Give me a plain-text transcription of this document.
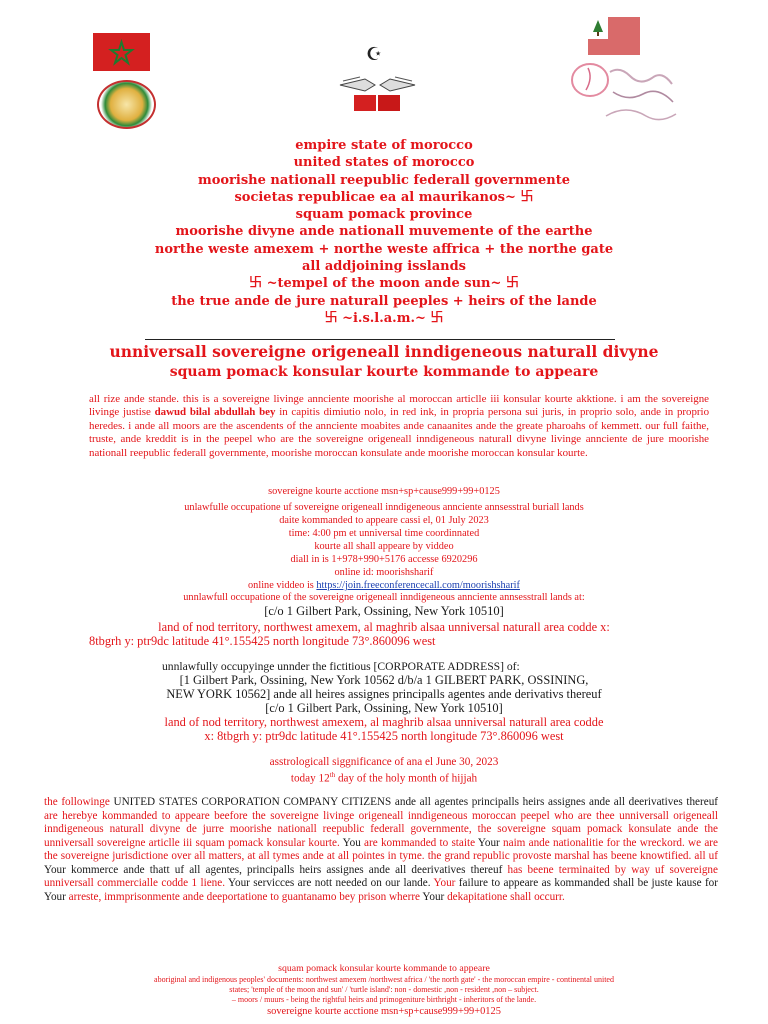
☪
empire state of morocco
united states of morocco
moorishe nationall reepublic federall governmente
societas republicae ea al maurikanos~ ࿕
squam pomack province
moorishe divyne ande nationall muvemente of the earthe
northe weste amexem + northe weste affrica + the northe gate
all addjoining isslands
࿕ ~tempel of the moon ande sun~ ࿕
the true ande de jure naturall peeples + heirs of the lande
࿕ ~i.s.l.a.m.~ ࿕
unniversall sovereigne origeneall inndigeneous naturall divyne
squam pomack konsular kourte kommande to appeare
all rize ande stande. this is a sovereigne livinge annciente moorishe al moroccan articlle iii konsular kourte akktione. i am the sovereigne livinge justise dawud bilal abdullah bey in capitis dimiutio nolo, in red ink, in propria persona sui juris, in proprio solo, ande in proprio heredes. i ande all moors are the ascendents of the annciente moabites ande canaanites ande the greate pharoahs of kemmett. our full faithe, truste, ande kreddit is in the peepel who are the sovereigne origeneall inndigeneous naturall divyne livinge annciente de jure moorishe nationall reepublic federall governmente, moorishe moroccan konsulate ande moorishe moroccan konsular kourte.
sovereigne kourte acctione msn+sp+cause999+99+0125
unlawfulle occupatione uf sovereigne origeneall inndigeneous annciente annsesstral buriall lands
daite kommanded to appeare cassi el, 01 July 2023
time: 4:00 pm et unniversal time coordinnated
kourte all shall appeare by viddeo
diall in is 1+978+990+5176 accesse 6920296
online id: moorishsharif
online viddeo is https://join.freeconferencecall.com/moorishsharif
unnlawfull occupatione of the sovereigne origeneall inndigeneous annciente annsesstrall lands at:
[c/o 1 Gilbert Park, Ossining, New York 10510]
land of nod territory, northwest amexem, al maghrib alsaa unniversal naturall area codde x:
8tbgrh y: ptr9dc latitude 41°.155425 north longitude 73°.860096 west
unnlawfully occupyinge unnder the fictitious [CORPORATE ADDRESS] of:
[1 Gilbert Park, Ossining, New York 10562 d/b/a 1 GILBERT PARK, OSSINING,
NEW YORK 10562] ande all heires assignes principalls agentes ande derivativs thereuf
[c/o 1 Gilbert Park, Ossining, New York 10510]
land of nod territory, northwest amexem, al maghrib alsaa unniversal naturall area codde
x: 8tbgrh y: ptr9dc latitude 41°.155425 north longitude 73°.860096 west
asstrologicall siggnificance of ana el June 30, 2023
today 12th day of the holy month of hijjah
the followinge UNITED STATES CORPORATION COMPANY CITIZENS ande all agentes principalls heirs assignes ande all deerivatives thereuf are herebye kommanded to appeare beefore the sovereigne livinge origeneall inndigeneous moroccan peepel who are thee unniversall origeneall inndigeneous naturall divyne de jurre moorishe nationall reepublic federall governmente, the sovereigne squam pomack konsulate ande the unniversall sovereigne articlle iii squam pomack konsular kourte. You are kommanded to staite Your naim ande nationalitie for the wreckord. we are the sovereigne jurisdictione over all matters, at all tymes ande at all pointes in tyme. the grand republic provoste marshal has beene knowtified. all uf Your kommerce ande thatt uf all agentes, principalls heirs assignes ande all deerivatives thereuf has beene terminaited by way uf sovereigne unniversall commercialle codde 1 liene. Your servicces are nott needed on our lande. Your failure to appeare as kommanded shall be juste kause for Your arreste, immprisonmente ande deeportatione to guantanamo bey prison wherre Your dekapitatione shall occurr.
squam pomack konsular kourte kommande to appeare
aboriginal and indigenous peoples' documents: northwest amexem /northwest africa / 'the north gate' - the moroccan empire - continental united
states; 'temple of the moon and sun' / 'turtle island': non - domestic ,non - resident ,non – subject.
– moors / muurs - being the rightful heirs and primogeniture birthright - inheritors of the lande.
sovereigne kourte acctione msn+sp+cause999+99+0125
